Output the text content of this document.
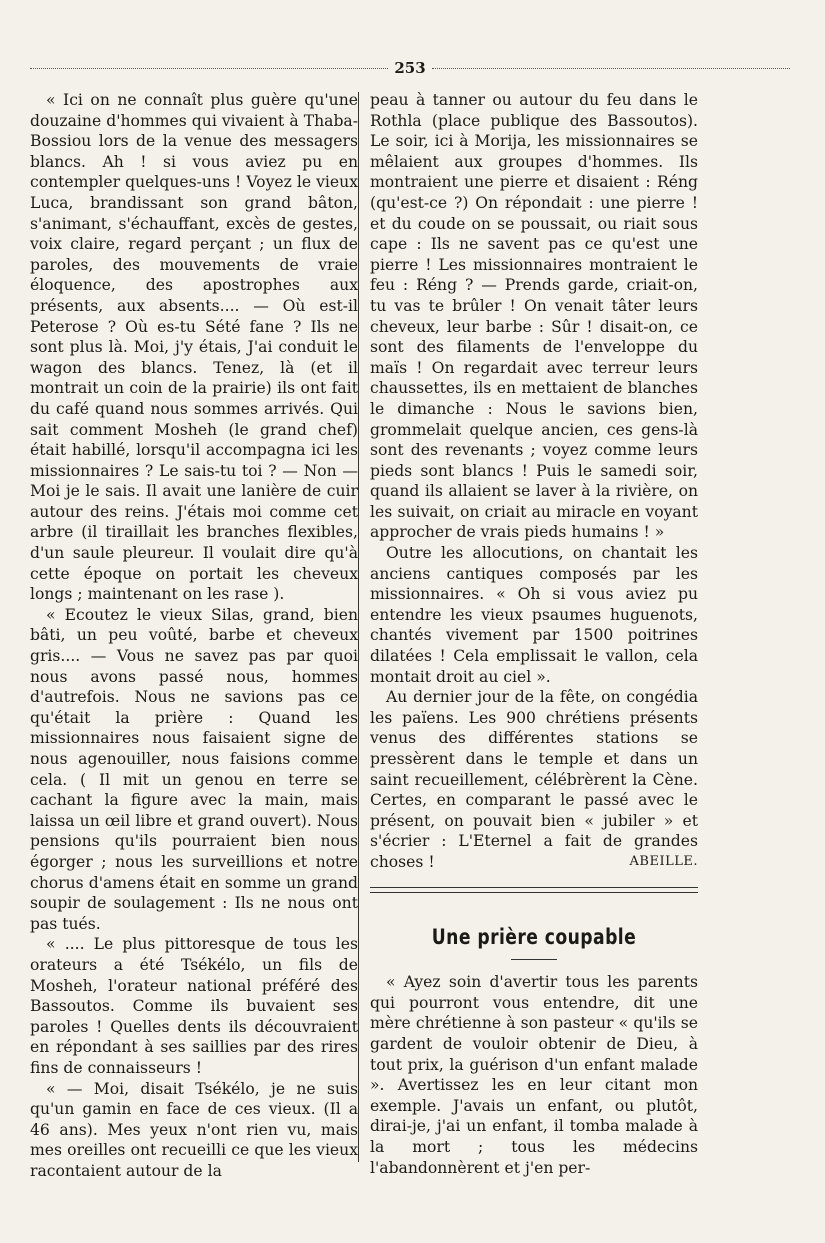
253

« Ici on ne connaît plus guère qu'une douzaine d'hommes qui vivaient à Thaba-Bossiou lors de la venue des messagers blancs. Ah ! si vous aviez pu en contempler quelques-uns ! Voyez le vieux Luca, brandissant son grand bâton, s'animant, s'échauffant, excès de gestes, voix claire, regard perçant ; un flux de paroles, des mouvements de vraie éloquence, des apostrophes aux présents, aux absents.... — Où est-il Peterose ? Où es-tu Sété fane ? Ils ne sont plus là. Moi, j'y étais, J'ai conduit le wagon des blancs. Tenez, là (et il montrait un coin de la prairie) ils ont fait du café quand nous sommes arrivés. Qui sait comment Mosheh (le grand chef) était habillé, lorsqu'il accompagna ici les missionnaires ? Le sais-tu toi ? — Non — Moi je le sais. Il avait une lanière de cuir autour des reins. J'étais moi comme cet arbre (il tiraillait les branches flexibles, d'un saule pleureur. Il voulait dire qu'à cette époque on portait les cheveux longs ; maintenant on les rase ).

« Ecoutez le vieux Silas, grand, bien bâti, un peu voûté, barbe et cheveux gris.... — Vous ne savez pas par quoi nous avons passé nous, hommes d'autrefois. Nous ne savions pas ce qu'était la prière : Quand les missionnaires nous faisaient signe de nous agenouiller, nous faisions comme cela. ( Il mit un genou en terre se cachant la figure avec la main, mais laissa un œil libre et grand ouvert). Nous pensions qu'ils pourraient bien nous égorger ; nous les surveillions et notre chorus d'amens était en somme un grand soupir de soulagement : Ils ne nous ont pas tués.

« .... Le plus pittoresque de tous les orateurs a été Tsékélo, un fils de Mosheh, l'orateur national préféré des Bassoutos. Comme ils buvaient ses paroles ! Quelles dents ils découvraient en répondant à ses saillies par des rires fins de connaisseurs !

« — Moi, disait Tsékélo, je ne suis qu'un gamin en face de ces vieux. (Il a 46 ans). Mes yeux n'ont rien vu, mais mes oreilles ont recueilli ce que les vieux racontaient autour de la

peau à tanner ou autour du feu dans le Rothla (place publique des Bassoutos). Le soir, ici à Morija, les missionnaires se mêlaient aux groupes d'hommes. Ils montraient une pierre et disaient : Réng (qu'est-ce ?) On répondait : une pierre ! et du coude on se poussait, ou riait sous cape : Ils ne savent pas ce qu'est une pierre ! Les missionnaires montraient le feu : Réng ? — Prends garde, criait-on, tu vas te brûler ! On venait tâter leurs cheveux, leur barbe : Sûr ! disait-on, ce sont des filaments de l'enveloppe du maïs ! On regardait avec terreur leurs chaussettes, ils en mettaient de blanches le dimanche : Nous le savions bien, grommelait quelque ancien, ces gens-là sont des revenants ; voyez comme leurs pieds sont blancs ! Puis le samedi soir, quand ils allaient se laver à la rivière, on les suivait, on criait au miracle en voyant approcher de vrais pieds humains ! »

Outre les allocutions, on chantait les anciens cantiques composés par les missionnaires. « Oh si vous aviez pu entendre les vieux psaumes huguenots, chantés vivement par 1500 poitrines dilatées ! Cela emplissait le vallon, cela montait droit au ciel ».

Au dernier jour de la fête, on congédia les païens. Les 900 chrétiens présents venus des différentes stations se pressèrent dans le temple et dans un saint recueillement, célébrèrent la Cène. Certes, en comparant le passé avec le présent, on pouvait bien « jubiler » et s'écrier : L'Eternel a fait de grandes choses !	ABEILLE.

Une prière coupable

« Ayez soin d'avertir tous les parents qui pourront vous entendre, dit une mère chrétienne à son pasteur « qu'ils se gardent de vouloir obtenir de Dieu, à tout prix, la guérison d'un enfant malade ». Avertissez les en leur citant mon exemple. J'avais un enfant, ou plutôt, dirai-je, j'ai un enfant, il tomba malade à la mort ; tous les médecins l'abandonnèrent et j'en per-
